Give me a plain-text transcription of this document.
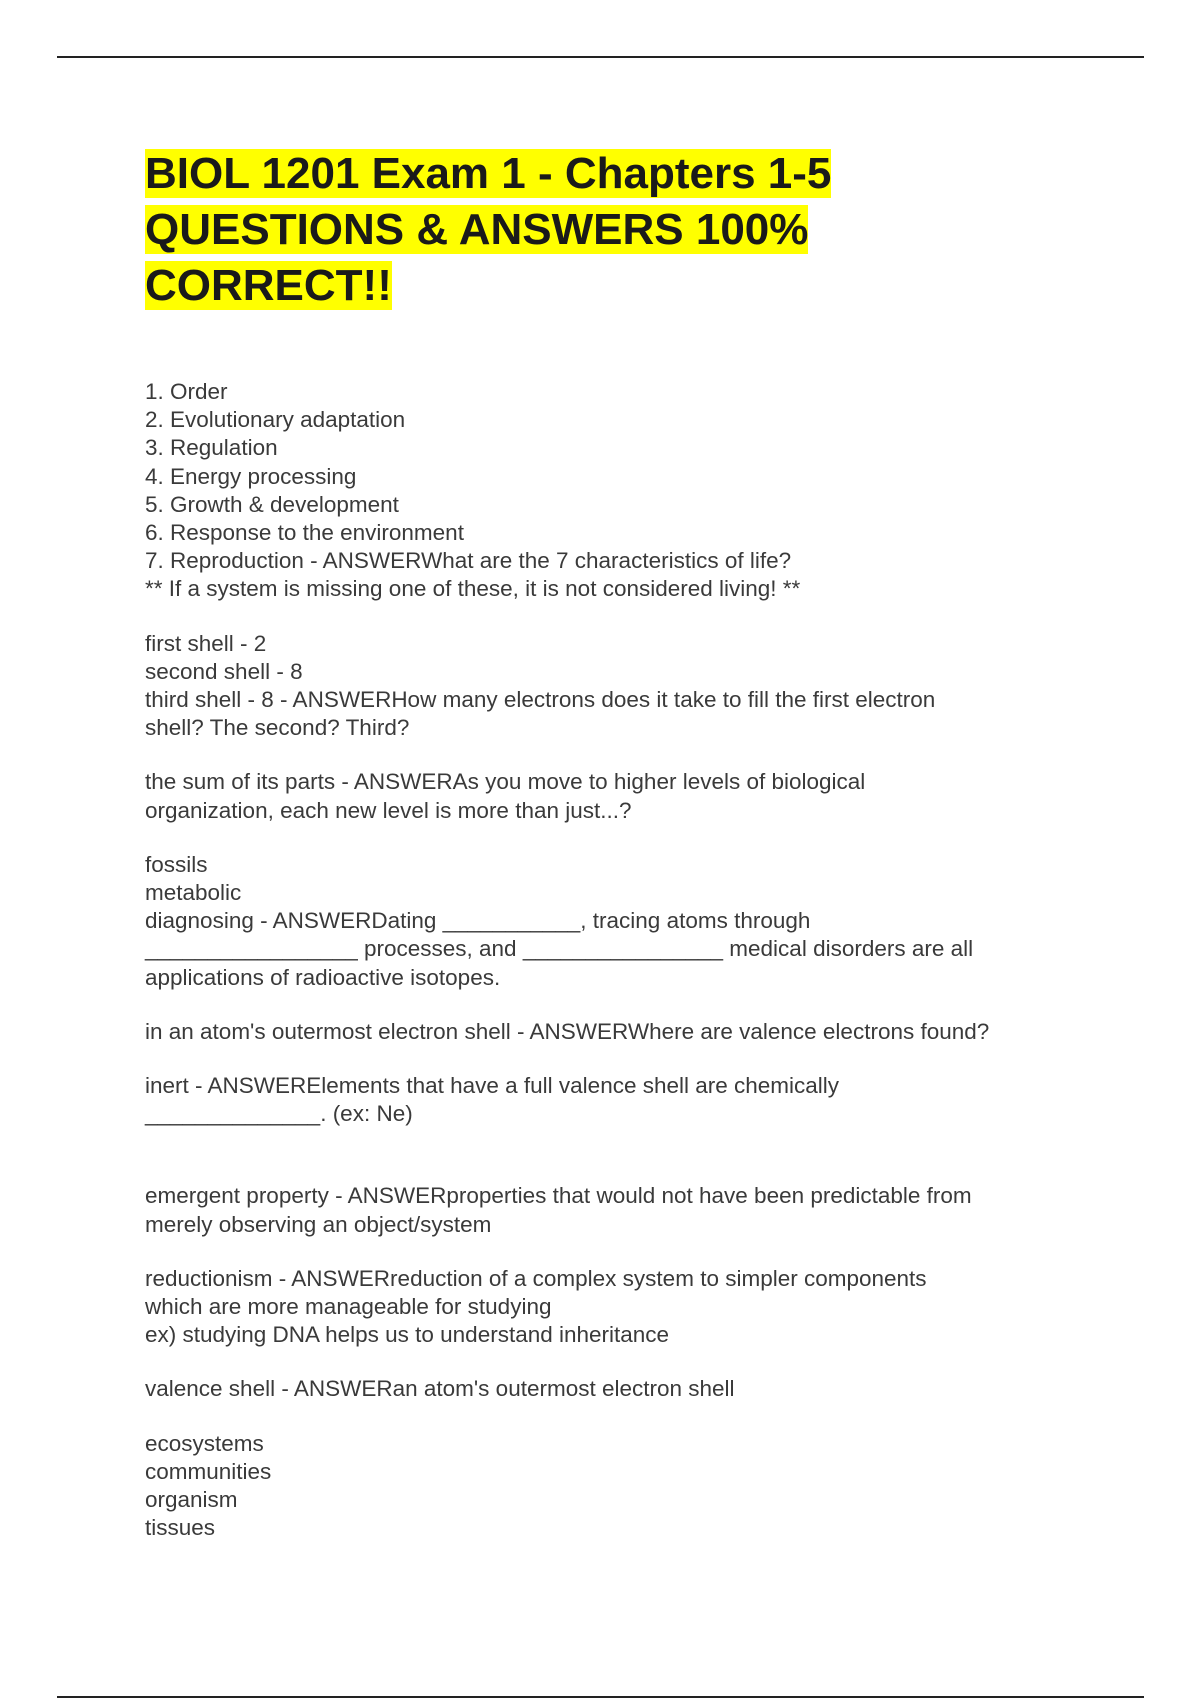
BIOL 1201 Exam 1 - Chapters 1-5
QUESTIONS & ANSWERS 100%
CORRECT!!

1. Order
2. Evolutionary adaptation
3. Regulation
4. Energy processing
5. Growth & development
6. Response to the environment
7. Reproduction - ANSWERWhat are the 7 characteristics of life?
** If a system is missing one of these, it is not considered living! **

first shell - 2
second shell - 8
third shell - 8 - ANSWERHow many electrons does it take to fill the first electron
shell? The second? Third?

the sum of its parts - ANSWERAs you move to higher levels of biological
organization, each new level is more than just...?

fossils
metabolic
diagnosing - ANSWERDating ___________, tracing atoms through
_________________ processes, and ________________ medical disorders are all
applications of radioactive isotopes.

in an atom's outermost electron shell - ANSWERWhere are valence electrons found?

inert - ANSWERElements that have a full valence shell are chemically
______________. (ex: Ne)

emergent property - ANSWERproperties that would not have been predictable from
merely observing an object/system

reductionism - ANSWERreduction of a complex system to simpler components
which are more manageable for studying
ex) studying DNA helps us to understand inheritance

valence shell - ANSWERan atom's outermost electron shell

ecosystems
communities
organism
tissues
